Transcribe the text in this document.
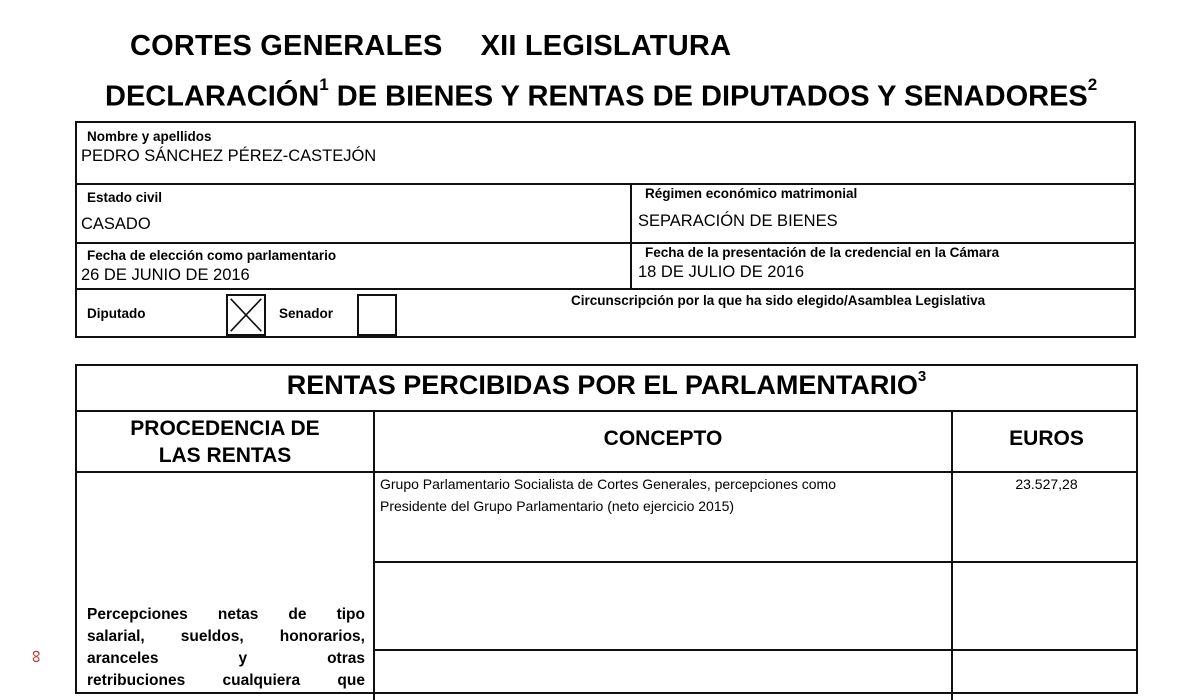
CORTES GENERALES XII LEGISLATURA
DECLARACIÓN$^1$ DE BIENES Y RENTAS DE DIPUTADOS Y SENADORES$^2$
Nombre y apellidos
PEDRO SÁNCHEZ PÉREZ-CASTEJÓN
Estado civil
CASADO
Régimen económico matrimonial
SEPARACIÓN DE BIENES
Fecha de elección como parlamentario
26 DE JUNIO DE 2016
Fecha de la presentación de la credencial en la Cámara
18 DE JULIO DE 2016
Diputado	Senador
Circunscripción por la que ha sido elegido/Asamblea Legislativa
RENTAS PERCIBIDAS POR EL PARLAMENTARIO$^3$
PROCEDENCIA DE
LAS RENTAS
CONCEPTO	EUROS
Grupo Parlamentario Socialista de Cortes Generales, percepciones como
Presidente del Grupo Parlamentario (neto ejercicio 2015)
23.527,28
Percepciones netas de tipo
salarial, sueldos, honorarios,
aranceles y otras
retribuciones cualquiera que
∞
